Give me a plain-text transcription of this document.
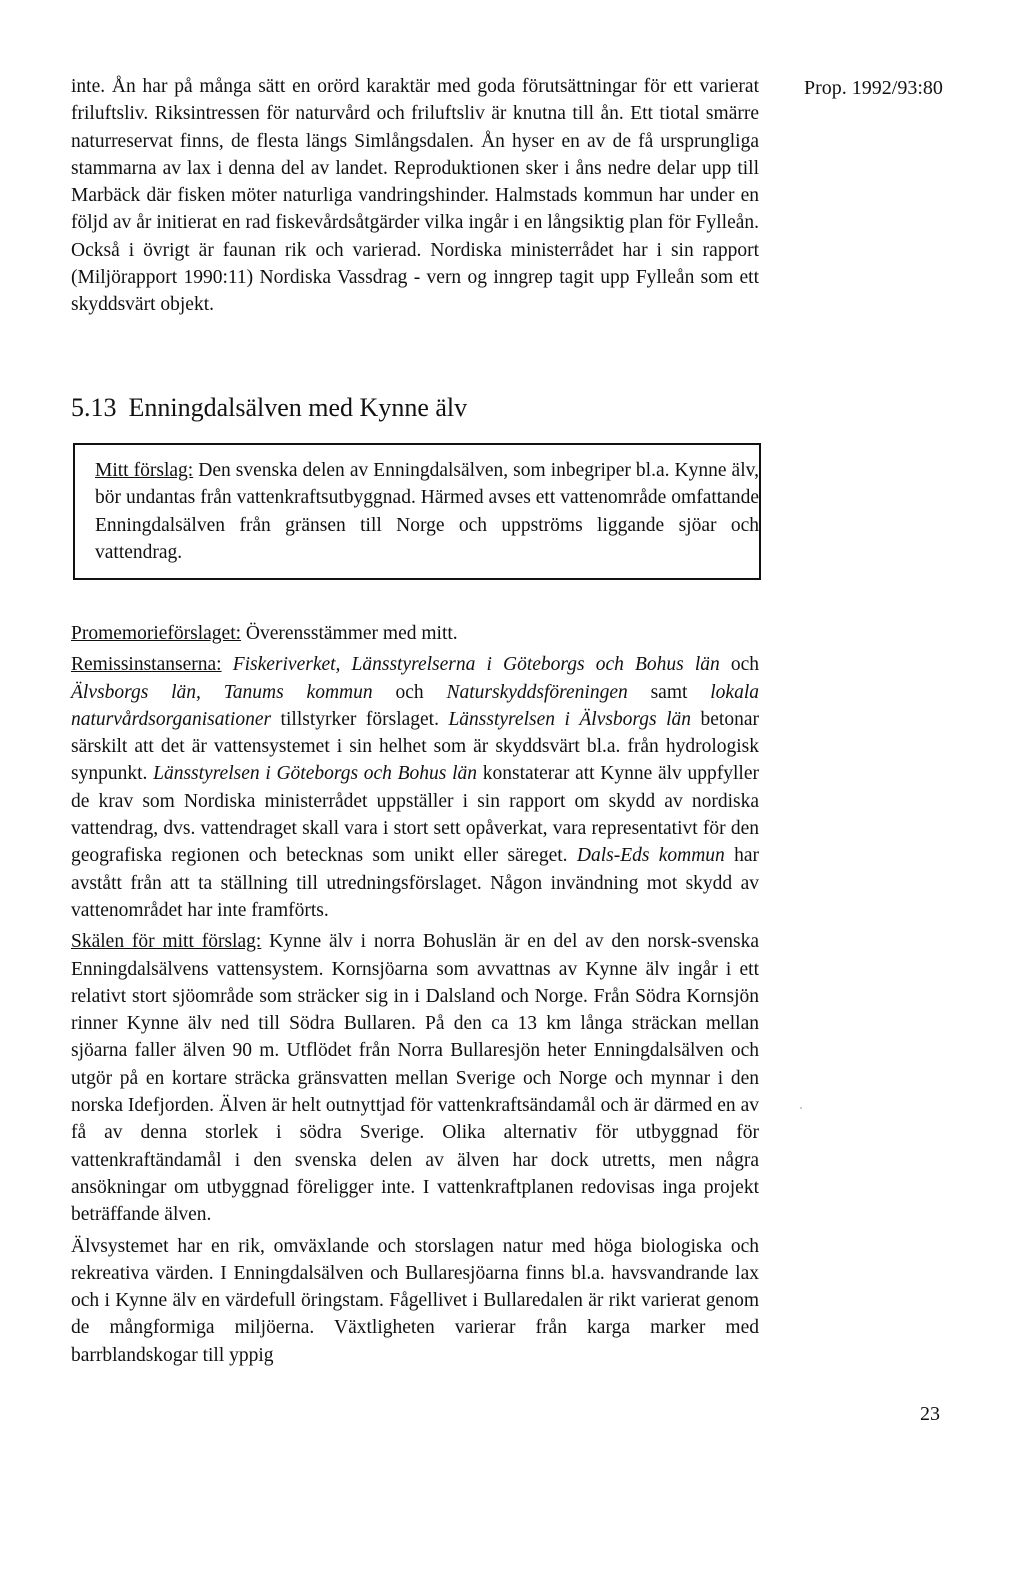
Prop. 1992/93:80

inte. Ån har på många sätt en orörd karaktär med goda förutsättningar för ett varierat friluftsliv. Riksintressen för naturvård och friluftsliv är knutna till ån. Ett tiotal smärre naturreservat finns, de flesta längs Simlångsdalen. Ån hyser en av de få ursprungliga stammarna av lax i denna del av landet. Reproduktionen sker i åns nedre delar upp till Marbäck där fisken möter naturliga vandringshinder. Halmstads kommun har under en följd av år initierat en rad fiskevårdsåtgärder vilka ingår i en långsiktig plan för Fylleån. Också i övrigt är faunan rik och varierad. Nordiska ministerrådet har i sin rapport (Miljörapport 1990:11) Nordiska Vassdrag - vern og inngrep tagit upp Fylleån som ett skyddsvärt objekt.

5.13 Enningdalsälven med Kynne älv

Mitt förslag: Den svenska delen av Enningdalsälven, som inbegriper bl.a. Kynne älv, bör undantas från vattenkraftsutbyggnad. Härmed avses ett vattenområde omfattande Enningdalsälven från gränsen till Norge och uppströms liggande sjöar och vattendrag.

Promemorieförslaget: Överensstämmer med mitt.

Remissinstanserna: Fiskeriverket, Länsstyrelserna i Göteborgs och Bohus län och Älvsborgs län, Tanums kommun och Naturskyddsföreningen samt lokala naturvårdsorganisationer tillstyrker förslaget. Länsstyrelsen i Älvsborgs län betonar särskilt att det är vattensystemet i sin helhet som är skyddsvärt bl.a. från hydrologisk synpunkt. Länsstyrelsen i Göteborgs och Bohus län konstaterar att Kynne älv uppfyller de krav som Nordiska ministerrådet uppställer i sin rapport om skydd av nordiska vattendrag, dvs. vattendraget skall vara i stort sett opåverkat, vara representativt för den geografiska regionen och betecknas som unikt eller särеget. Dals-Eds kommun har avstått från att ta ställning till utredningsförslaget. Någon invändning mot skydd av vattenområdet har inte framförts.

Skälen för mitt förslag: Kynne älv i norra Bohuslän är en del av den norsk-svenska Enningdalsälvens vattensystem. Kornsjöarna som avvattnas av Kynne älv ingår i ett relativt stort sjöområde som sträcker sig in i Dalsland och Norge. Från Södra Kornsjön rinner Kynne älv ned till Södra Bullaren. På den ca 13 km långa sträckan mellan sjöarna faller älven 90 m. Utflödet från Norra Bullaresjön heter Enningdalsälven och utgör på en kortare sträcka gränsvatten mellan Sverige och Norge och mynnar i den norska Idefjorden. Älven är helt outnyttjad för vattenkraftsändamål och är därmed en av få av denna storlek i södra Sverige. Olika alternativ för utbyggnad för vattenkraftändamål i den svenska delen av älven har dock utretts, men några ansökningar om utbyggnad föreligger inte. I vattenkraftplanen redovisas inga projekt beträffande älven.

Älvsystemet har en rik, omväxlande och storslagen natur med höga biologiska och rekreativa värden. I Enningdalsälven och Bullaresjöarna finns bl.a. havsvandrande lax och i Kynne älv en värdefull öringstam. Fågellivet i Bullaredalen är rikt varierat genom de mångformiga miljöerna. Växtligheten varierar från karga marker med barrblandskogar till yppig

23
